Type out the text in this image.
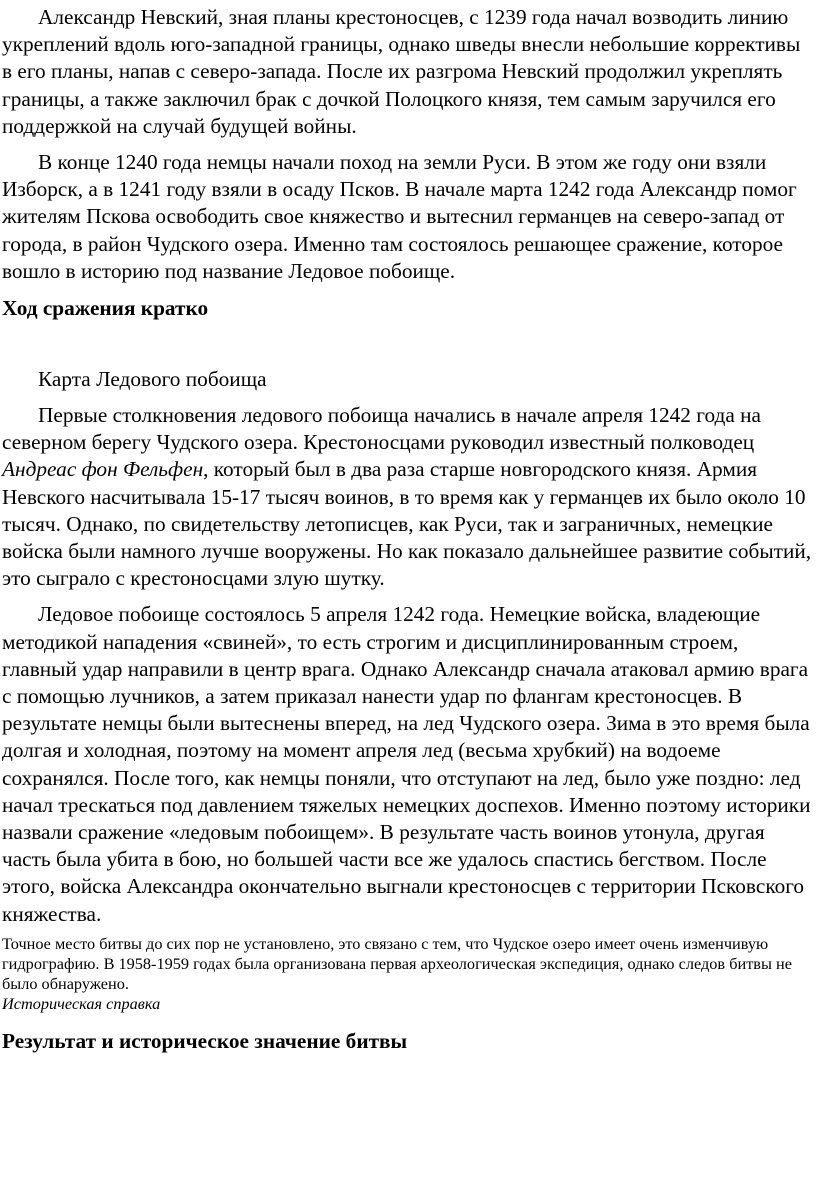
Александр Невский, зная планы крестоносцев, с 1239 года начал возводить линию укреплений вдоль юго-западной границы, однако шведы внесли небольшие коррективы в его планы, напав с северо-запада. После их разгрома Невский продолжил укреплять границы, а также заключил брак с дочкой Полоцкого князя, тем самым заручился его поддержкой на случай будущей войны.

В конце 1240 года немцы начали поход на земли Руси. В этом же году они взяли Изборск, а в 1241 году взяли в осаду Псков. В начале марта 1242 года Александр помог жителям Пскова освободить свое княжество и вытеснил германцев на северо-запад от города, в район Чудского озера. Именно там состоялось решающее сражение, которое вошло в историю под название Ледовое побоище.

Ход сражения кратко

Карта Ледового побоища

Первые столкновения ледового побоища начались в начале апреля 1242 года на северном берегу Чудского озера. Крестоносцами руководил известный полководец Андреас фон Фельфен, который был в два раза старше новгородского князя. Армия Невского насчитывала 15-17 тысяч воинов, в то время как у германцев их было около 10 тысяч. Однако, по свидетельству летописцев, как Руси, так и заграничных, немецкие войска были намного лучше вооружены. Но как показало дальнейшее развитие событий, это сыграло с крестоносцами злую шутку.

Ледовое побоище состоялось 5 апреля 1242 года. Немецкие войска, владеющие методикой нападения «свиней», то есть строгим и дисциплинированным строем, главный удар направили в центр врага. Однако Александр сначала атаковал армию врага с помощью лучников, а затем приказал нанести удар по флангам крестоносцев. В результате немцы были вытеснены вперед, на лед Чудского озера. Зима в это время была долгая и холодная, поэтому на момент апреля лед (весьма хрубкий) на водоеме сохранялся. После того, как немцы поняли, что отступают на лед, было уже поздно: лед начал трескаться под давлением тяжелых немецких доспехов. Именно поэтому историки назвали сражение «ледовым побоищем». В результате часть воинов утонула, другая часть была убита в бою, но большей части все же удалось спастись бегством. После этого, войска Александра окончательно выгнали крестоносцев с территории Псковского княжества.

Точное место битвы до сих пор не установлено, это связано с тем, что Чудское озеро имеет очень изменчивую гидрографию. В 1958-1959 годах была организована первая археологическая экспедиция, однако следов битвы не было обнаружено.

Историческая справка

Результат и историческое значение битвы
